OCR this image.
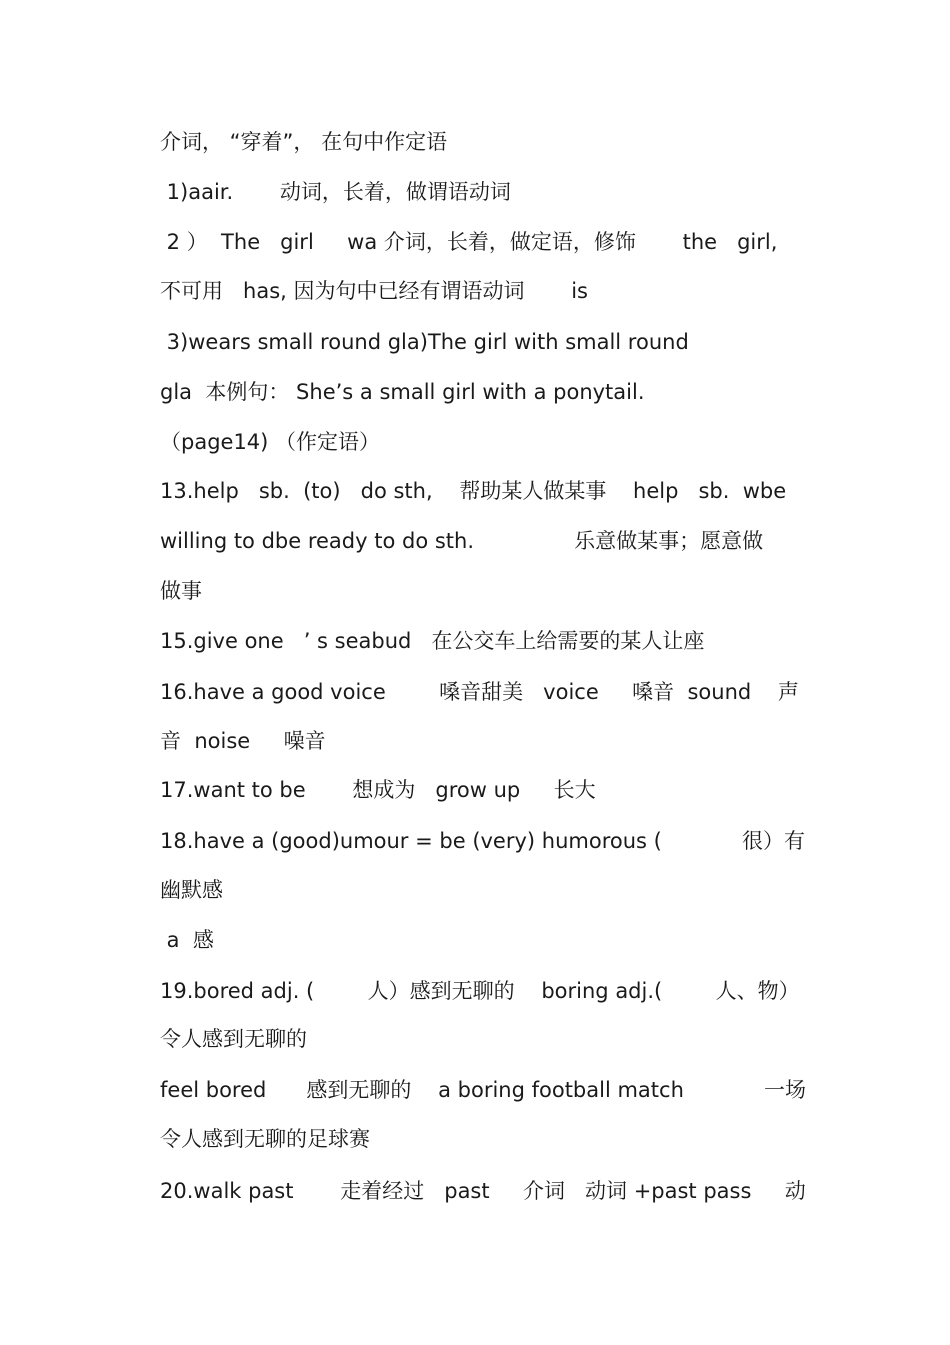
介词， “穿着”， 在句中作定语
1)aair.       动词，长着，做谓语动词
2 ）  The   girl     wa 介词，长着，做定语，修饰       the   girl,
不可用   has, 因为句中已经有谓语动词       is
3)wears small round gla)The girl with small round
gla  本例句： She’s a small girl with a ponytail.
（page14) （作定语）
13.help   sb.  (to)   do sth,    帮助某人做某事    help   sb.  wbe
willing to dbe ready to do sth.               乐意做某事；愿意做
做事
15.give one   ’ s seabud   在公交车上给需要的某人让座
16.have a good voice        嗓音甜美   voice     嗓音  sound    声
音  noise     噪音
17.want to be       想成为   grow up     长大
18.have a (good)umour = be (very) humorous (            很）有
幽默感
a  感
19.bored adj. (        人）感到无聊的    boring adj.(        人、物）
令人感到无聊的
feel bored      感到无聊的    a boring football match            一场
令人感到无聊的足球赛
20.walk past       走着经过   past     介词   动词 +past pass     动
